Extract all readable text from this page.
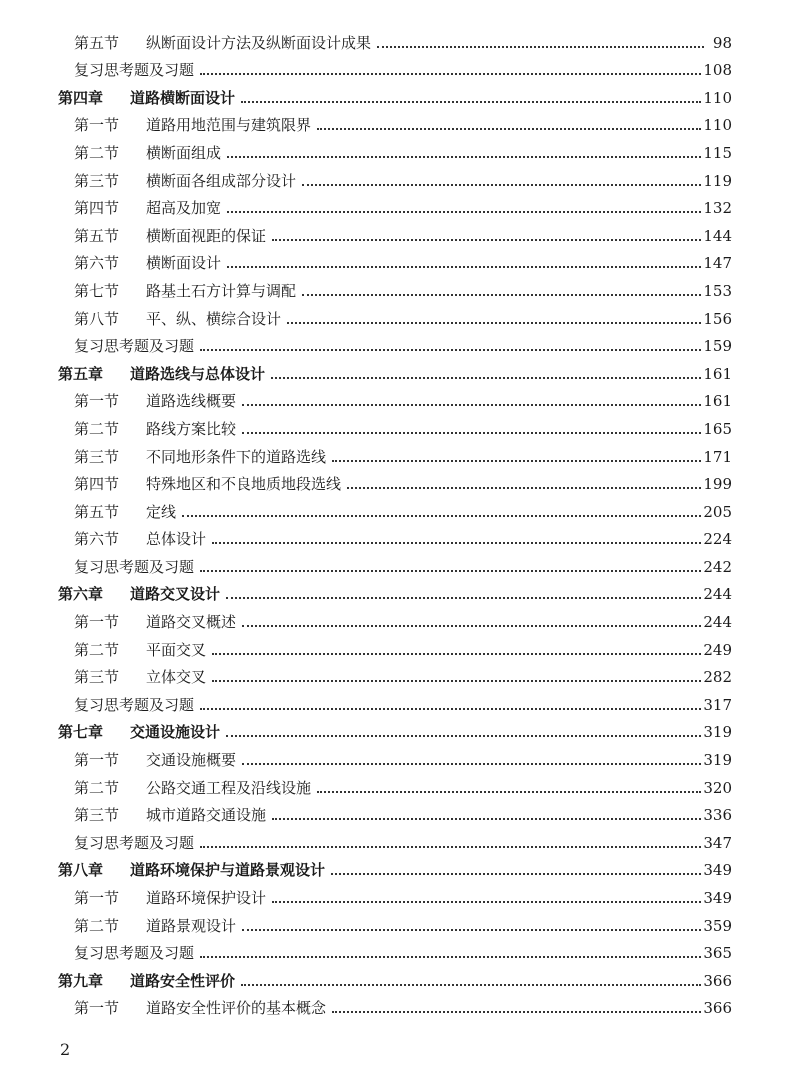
第五节	纵断面设计方法及纵断面设计成果	98
复习思考题及习题	108
第四章	道路横断面设计	110
第一节	道路用地范围与建筑限界	110
第二节	横断面组成	115
第三节	横断面各组成部分设计	119
第四节	超高及加宽	132
第五节	横断面视距的保证	144
第六节	横断面设计	147
第七节	路基土石方计算与调配	153
第八节	平、纵、横综合设计	156
复习思考题及习题	159
第五章	道路选线与总体设计	161
第一节	道路选线概要	161
第二节	路线方案比较	165
第三节	不同地形条件下的道路选线	171
第四节	特殊地区和不良地质地段选线	199
第五节	定线	205
第六节	总体设计	224
复习思考题及习题	242
第六章	道路交叉设计	244
第一节	道路交叉概述	244
第二节	平面交叉	249
第三节	立体交叉	282
复习思考题及习题	317
第七章	交通设施设计	319
第一节	交通设施概要	319
第二节	公路交通工程及沿线设施	320
第三节	城市道路交通设施	336
复习思考题及习题	347
第八章	道路环境保护与道路景观设计	349
第一节	道路环境保护设计	349
第二节	道路景观设计	359
复习思考题及习题	365
第九章	道路安全性评价	366
第一节	道路安全性评价的基本概念	366
2
